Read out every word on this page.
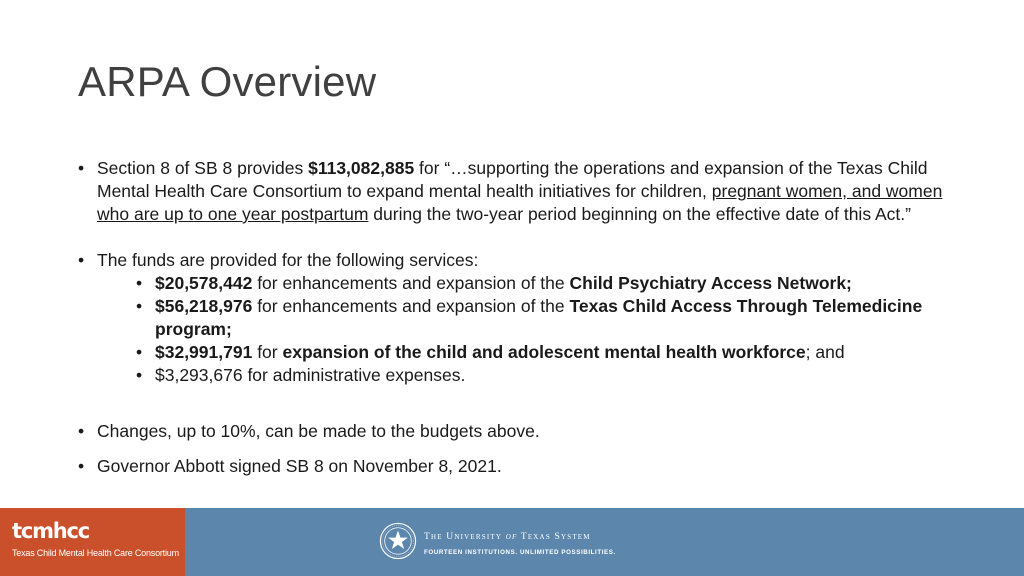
ARPA Overview
• Section 8 of SB 8 provides $113,082,885 for “…supporting the operations and expansion of the Texas Child Mental Health Care Consortium to expand mental health initiatives for children, pregnant women, and women who are up to one year postpartum during the two-year period beginning on the effective date of this Act.”
• The funds are provided for the following services:
• $20,578,442 for enhancements and expansion of the Child Psychiatry Access Network;
• $56,218,976 for enhancements and expansion of the Texas Child Access Through Telemedicine program;
• $32,991,791 for expansion of the child and adolescent mental health workforce; and
• $3,293,676 for administrative expenses.
• Changes, up to 10%, can be made to the budgets above.
• Governor Abbott signed SB 8 on November 8, 2021.
tcmhcc
Texas Child Mental Health Care Consortium
The University of Texas System
FOURTEEN INSTITUTIONS. UNLIMITED POSSIBILITIES.
